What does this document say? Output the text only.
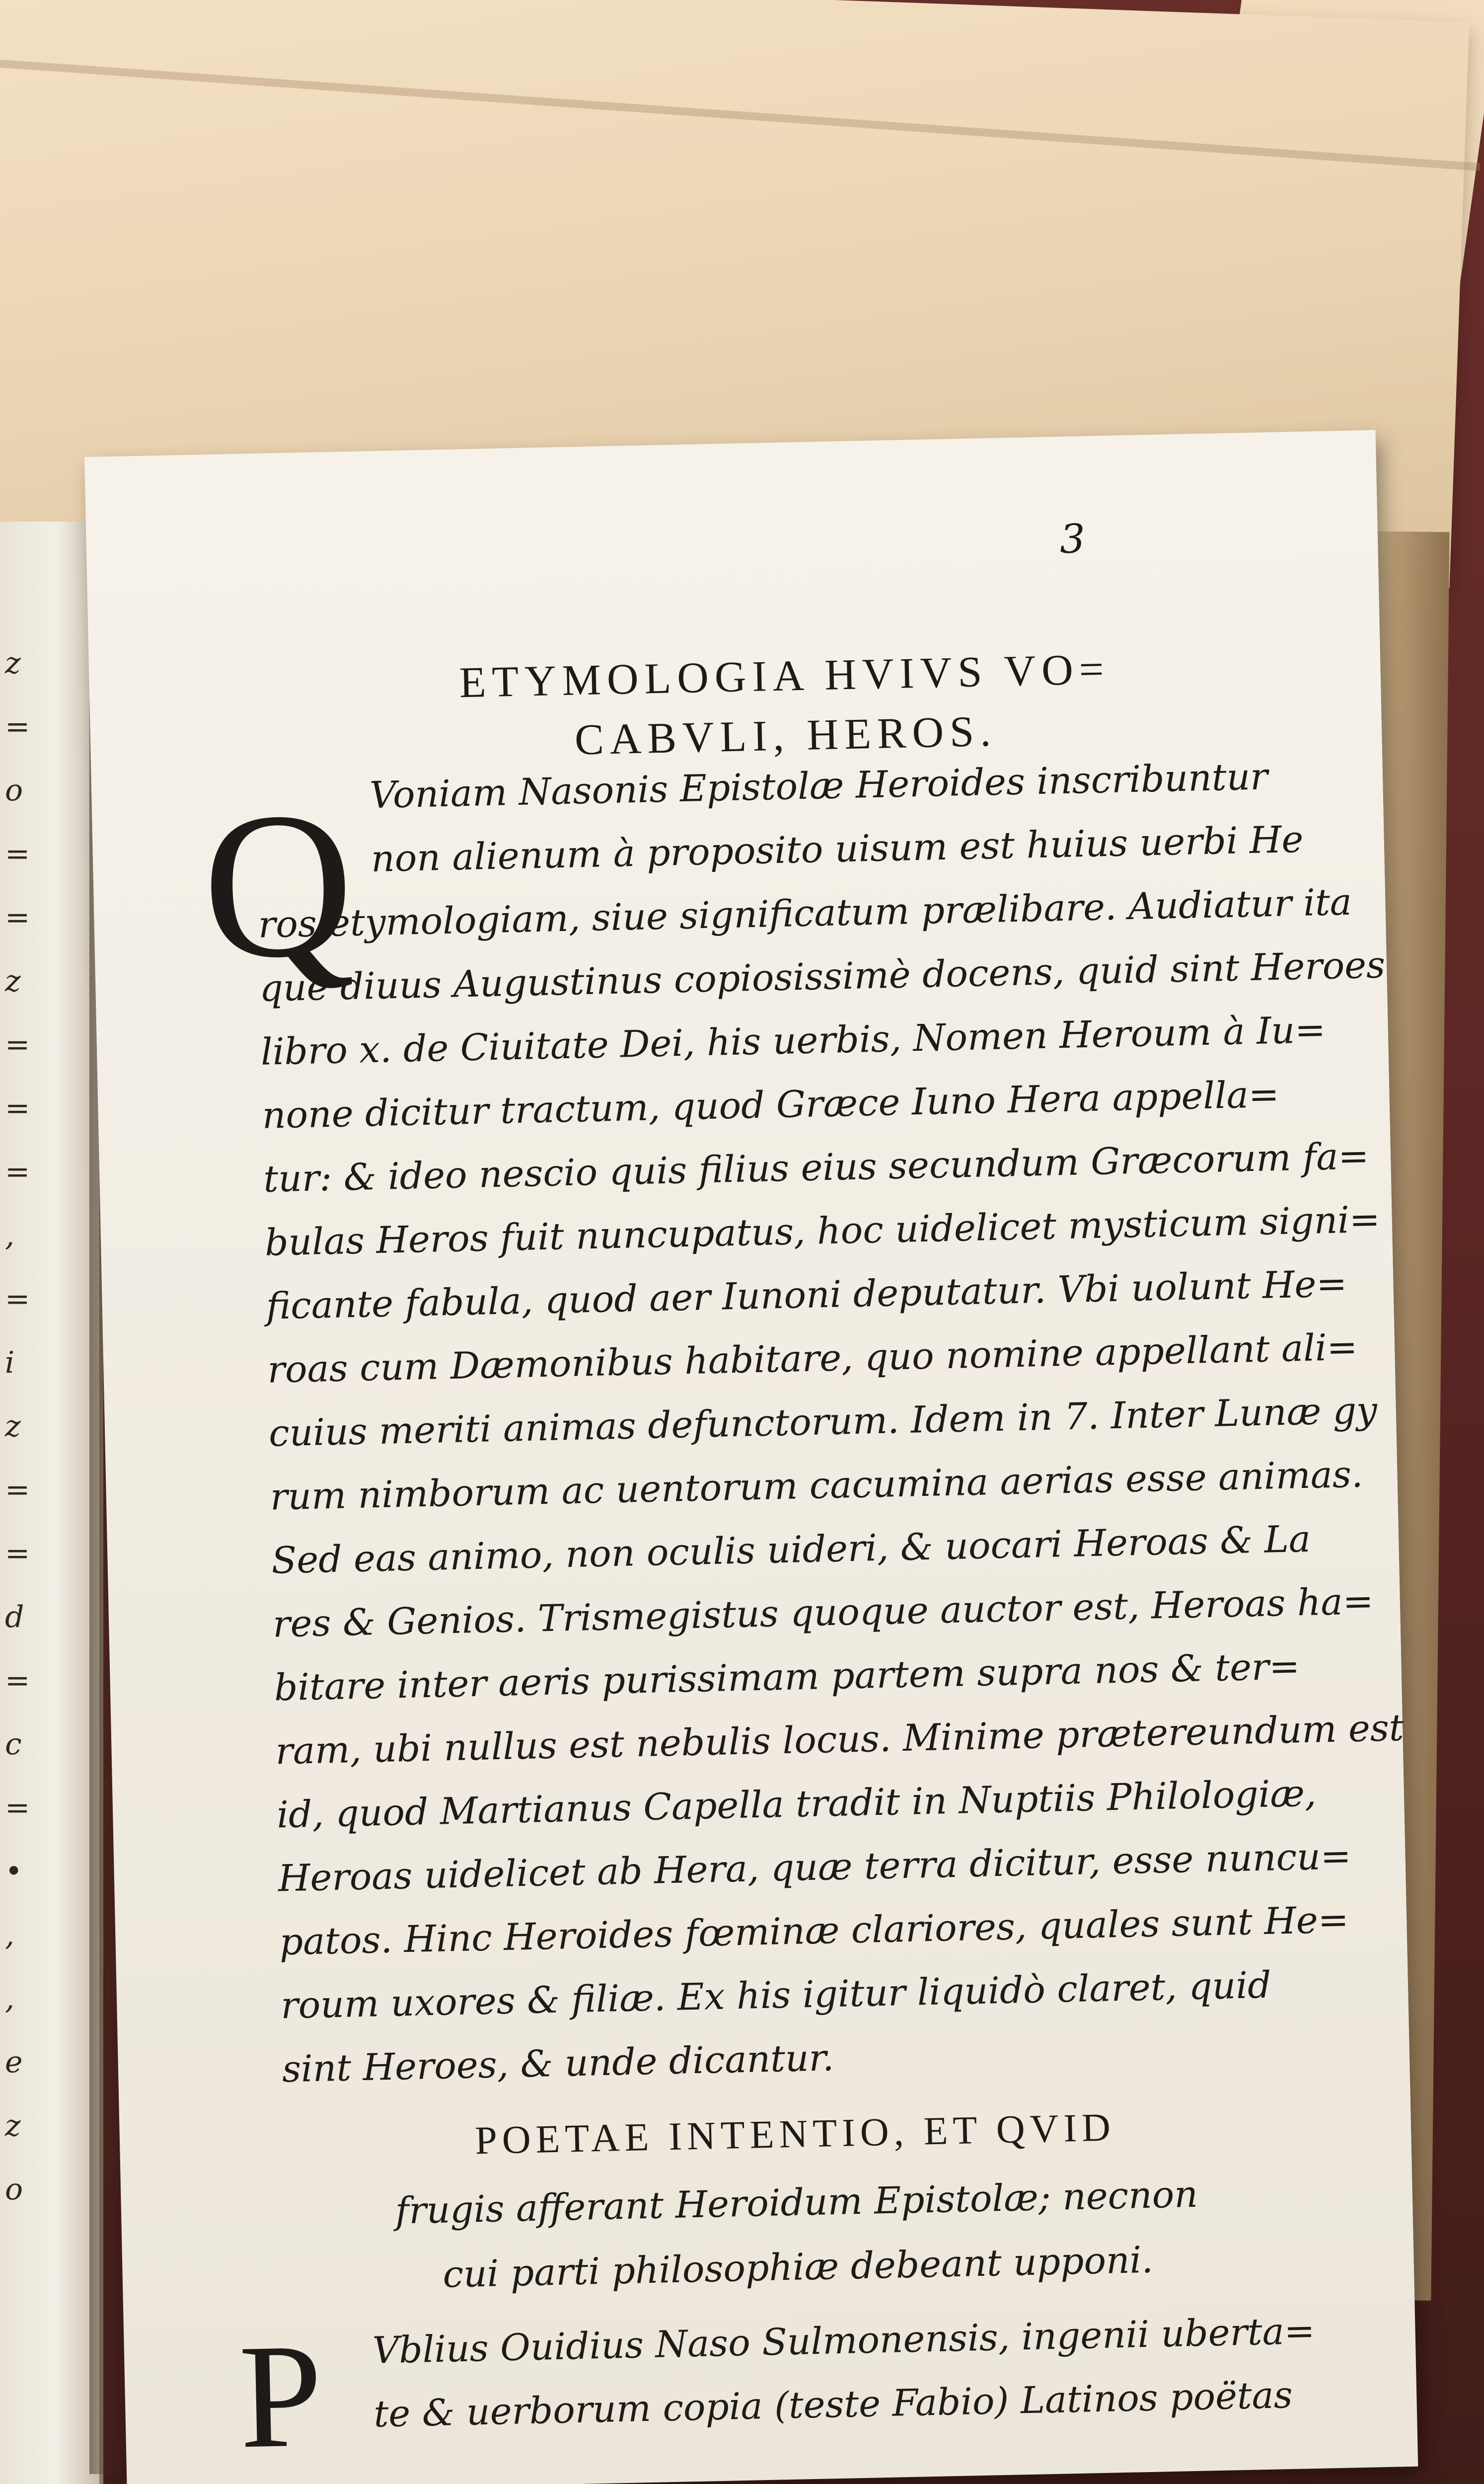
z
=
o
=
=
z
=
=
=
,
=
i
z
=
=
d
=
c
=
•
,
,
e
z
o
3
ETYMOLOGIA HVIVS VO=
CABVLI, HEROS.
Q Voniam Nasonis Epistolæ Heroides inscribuntur
non alienum à proposito uisum est huius uerbi He
ros etymologiam, siue significatum prælibare. Audiatur ita
que diuus Augustinus copiosissimè docens, quid sint Heroes
libro x. de Ciuitate Dei, his uerbis, Nomen Heroum à Iu=
none dicitur tractum, quod Græce Iuno Hera appella=
tur: & ideo nescio quis filius eius secundum Græcorum fa=
bulas Heros fuit nuncupatus, hoc uidelicet mysticum signi=
ficante fabula, quod aer Iunoni deputatur. Vbi uolunt He=
roas cum Dæmonibus habitare, quo nomine appellant ali=
cuius meriti animas defunctorum. Idem in 7. Inter Lunæ gy
rum nimborum ac uentorum cacumina aerias esse animas.
Sed eas animo, non oculis uideri, & uocari Heroas & La
res & Genios. Trismegistus quoque auctor est, Heroas ha=
bitare inter aeris purissimam partem supra nos & ter=
ram, ubi nullus est nebulis locus. Minime prætereundum est
id, quod Martianus Capella tradit in Nuptiis Philologiæ,
Heroas uidelicet ab Hera, quæ terra dicitur, esse nuncu=
patos. Hinc Heroides fœminæ clariores, quales sunt He=
roum uxores & filiæ. Ex his igitur liquidò claret, quid
sint Heroes, & unde dicantur.
POETAE INTENTIO, ET QVID
frugis afferant Heroidum Epistolæ; necnon
cui parti philosophiæ debeant upponi.
P Vblius Ouidius Naso Sulmonensis, ingenii uberta=
te & uerborum copia (teste Fabio) Latinos poëtas
